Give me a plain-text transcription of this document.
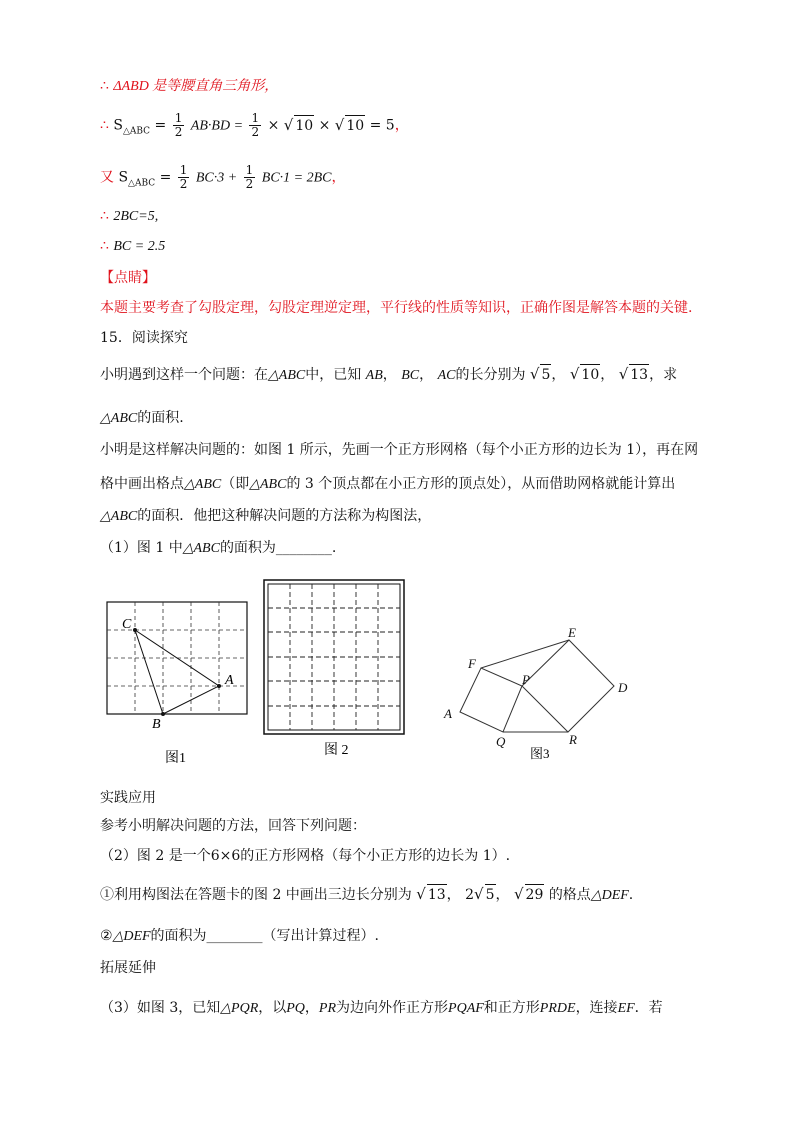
∴ ΔABD 是等腰直角三角形，
∴ $S_{\triangle ABC} = \frac{1}{2} AB\cdot BD = \frac{1}{2}$ × √ 10 × √ 10 = 5，
又 $S_{\triangle ABC} = \frac{1}{2} BC\cdot 3 + \frac{1}{2} BC\cdot 1 = 2BC$，
∴ 2BC=5,
∴ BC = 2.5
【点睛】
本题主要考查了勾股定理，勾股定理逆定理，平行线的性质等知识，正确作图是解答本题的关键.
15．阅读探究
小明遇到这样一个问题：在△ABC中，已知 AB， BC， AC的长分别为 √ 5， √ 10， √ 13，求
△ABC的面积.
小明是这样解决问题的：如图 1 所示，先画一个正方形网格（每个小正方形的边长为 1），再在网
格中画出格点△ABC（即△ABC的 3 个顶点都在小正方形的顶点处），从而借助网格就能计算出
△ABC的面积．他把这种解决问题的方法称为构图法，
（1）图 1 中△ABC的面积为________.
C
A
B
图1
图 2
A
F
E
D
P
Q	R
图3
实践应用
参考小明解决问题的方法，回答下列问题：
（2）图 2 是一个6×6的正方形网格（每个小正方形的边长为 1）.
①利用构图法在答题卡的图 2 中画出三边长分别为 √ 13， 2√ 5， √ 29 的格点△DEF.
②△DEF的面积为________（写出计算过程）.
拓展延伸
（3）如图 3，已知△PQR，以PQ，PR为边向外作正方形PQAF和正方形PRDE，连接EF．若
